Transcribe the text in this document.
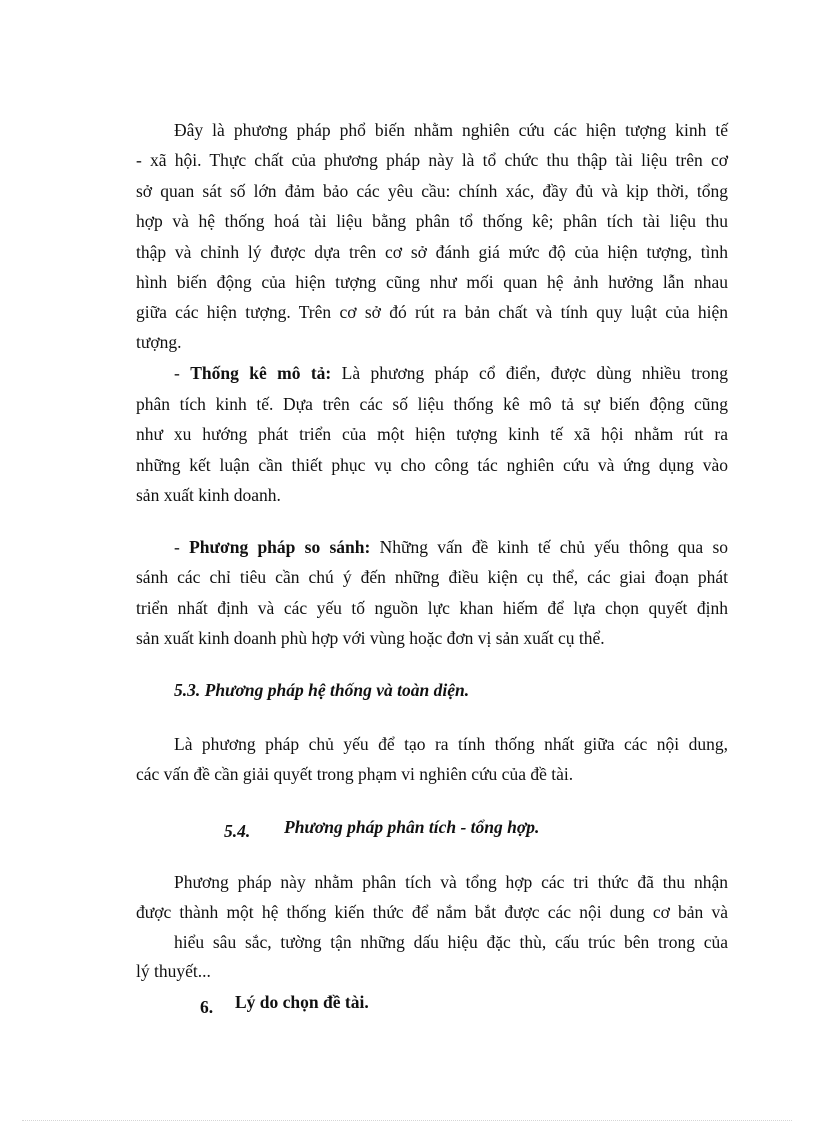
Đây là phương pháp phổ biến nhằm nghiên cứu các hiện tượng kinh tế
- xã hội. Thực chất của phương pháp này là tổ chức thu thập tài liệu trên cơ
sở quan sát số lớn đảm bảo các yêu cầu: chính xác, đầy đủ và kịp thời, tổng
hợp và hệ thống hoá tài liệu bằng phân tổ thống kê; phân tích tài liệu thu
thập và chỉnh lý được dựa trên cơ sở đánh giá mức độ của hiện tượng, tình
hình biến động của hiện tượng cũng như mối quan hệ ảnh hưởng lẫn nhau
giữa các hiện tượng. Trên cơ sở đó rút ra bản chất và tính quy luật của hiện
tượng.
- Thống kê mô tả: Là phương pháp cổ điển, được dùng nhiều trong
phân tích kinh tế. Dựa trên các số liệu thống kê mô tả sự biến động cũng
như xu hướng phát triển của một hiện tượng kinh tế xã hội nhằm rút ra
những kết luận cần thiết phục vụ cho công tác nghiên cứu và ứng dụng vào
sản xuất kinh doanh.
- Phương pháp so sánh: Những vấn đề kinh tế chủ yếu thông qua so
sánh các chỉ tiêu cần chú ý đến những điều kiện cụ thể, các giai đoạn phát
triển nhất định và các yếu tố nguồn lực khan hiếm để lựa chọn quyết định
sản xuất kinh doanh phù hợp với vùng hoặc đơn vị sản xuất cụ thể.
5.3. Phương pháp hệ thống và toàn diện.
Là phương pháp chủ yếu để tạo ra tính thống nhất giữa các nội dung,
các vấn đề cần giải quyết trong phạm vi nghiên cứu của đề tài.
5.4. Phương pháp phân tích - tổng hợp.
Phương pháp này nhằm phân tích và tổng hợp các tri thức đã thu nhận
được thành một hệ thống kiến thức để nắm bắt được các nội dung cơ bản và
hiểu sâu sắc, tường tận những dấu hiệu đặc thù, cấu trúc bên trong của
lý thuyết...
6. Lý do chọn đề tài.
